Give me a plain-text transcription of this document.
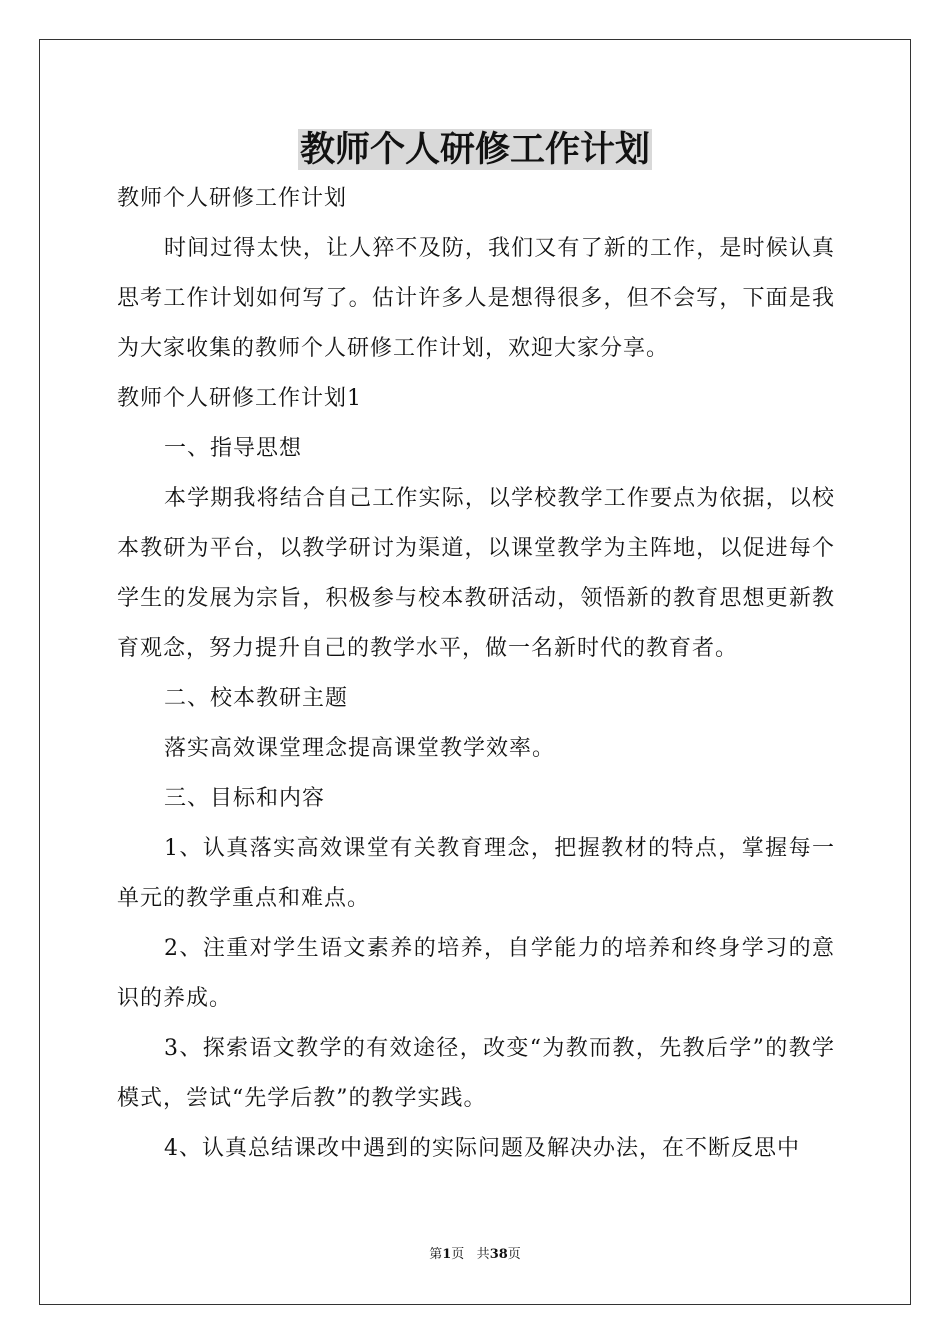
教师个人研修工作计划

教师个人研修工作计划

时间过得太快，让人猝不及防，我们又有了新的工作，是时候认真思考工作计划如何写了。估计许多人是想得很多，但不会写，下面是我为大家收集的教师个人研修工作计划，欢迎大家分享。

教师个人研修工作计划1

一、指导思想

本学期我将结合自己工作实际，以学校教学工作要点为依据，以校本教研为平台，以教学研讨为渠道，以课堂教学为主阵地，以促进每个学生的发展为宗旨，积极参与校本教研活动，领悟新的教育思想更新教育观念，努力提升自己的教学水平，做一名新时代的教育者。

二、校本教研主题

落实高效课堂理念提高课堂教学效率。

三、目标和内容

1、认真落实高效课堂有关教育理念，把握教材的特点，掌握每一单元的教学重点和难点。

2、注重对学生语文素养的培养，自学能力的培养和终身学习的意识的养成。

3、探索语文教学的有效途径，改变“为教而教，先教后学”的教学模式，尝试“先学后教”的教学实践。

4、认真总结课改中遇到的实际问题及解决办法，在不断反思中

第1页 共38页
